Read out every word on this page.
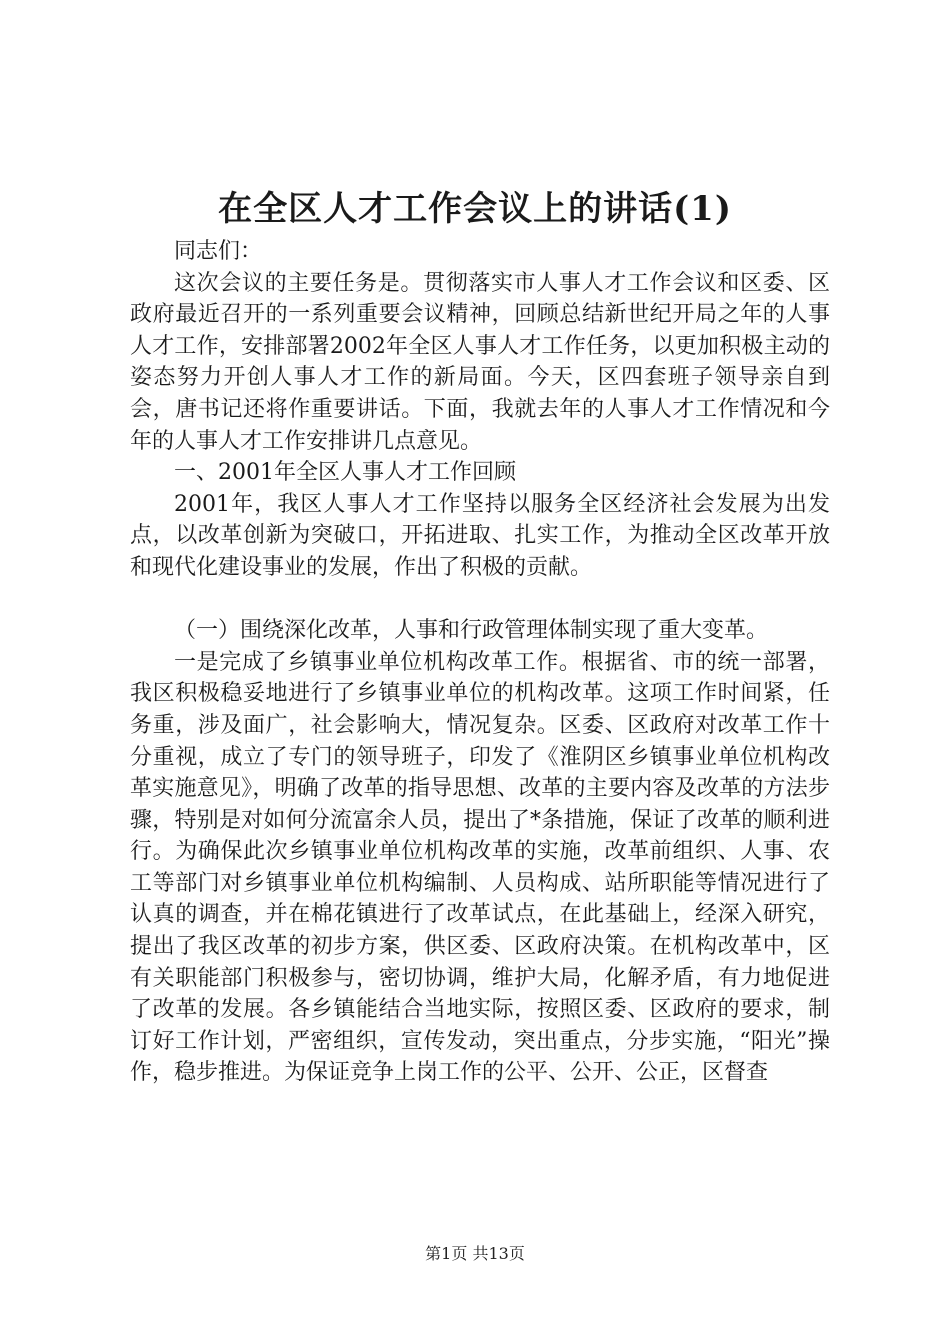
在全区人才工作会议上的讲话(1)

同志们：

这次会议的主要任务是。贯彻落实市人事人才工作会议和区委、区政府最近召开的一系列重要会议精神，回顾总结新世纪开局之年的人事人才工作，安排部署2002年全区人事人才工作任务，以更加积极主动的姿态努力开创人事人才工作的新局面。今天，区四套班子领导亲自到会，唐书记还将作重要讲话。下面，我就去年的人事人才工作情况和今年的人事人才工作安排讲几点意见。

一、2001年全区人事人才工作回顾

2001年，我区人事人才工作坚持以服务全区经济社会发展为出发点，以改革创新为突破口，开拓进取、扎实工作，为推动全区改革开放和现代化建设事业的发展，作出了积极的贡献。

（一）围绕深化改革，人事和行政管理体制实现了重大变革。

一是完成了乡镇事业单位机构改革工作。根据省、市的统一部署，我区积极稳妥地进行了乡镇事业单位的机构改革。这项工作时间紧，任务重，涉及面广，社会影响大，情况复杂。区委、区政府对改革工作十分重视，成立了专门的领导班子，印发了《淮阴区乡镇事业单位机构改革实施意见》，明确了改革的指导思想、改革的主要内容及改革的方法步骤，特别是对如何分流富余人员，提出了*条措施，保证了改革的顺利进行。为确保此次乡镇事业单位机构改革的实施，改革前组织、人事、农工等部门对乡镇事业单位机构编制、人员构成、站所职能等情况进行了认真的调查，并在棉花镇进行了改革试点，在此基础上，经深入研究，提出了我区改革的初步方案，供区委、区政府决策。在机构改革中，区有关职能部门积极参与，密切协调，维护大局，化解矛盾，有力地促进了改革的发展。各乡镇能结合当地实际，按照区委、区政府的要求，制订好工作计划，严密组织，宣传发动，突出重点，分步实施，“阳光”操作，稳步推进。为保证竞争上岗工作的公平、公开、公正，区督查

第1页 共13页
